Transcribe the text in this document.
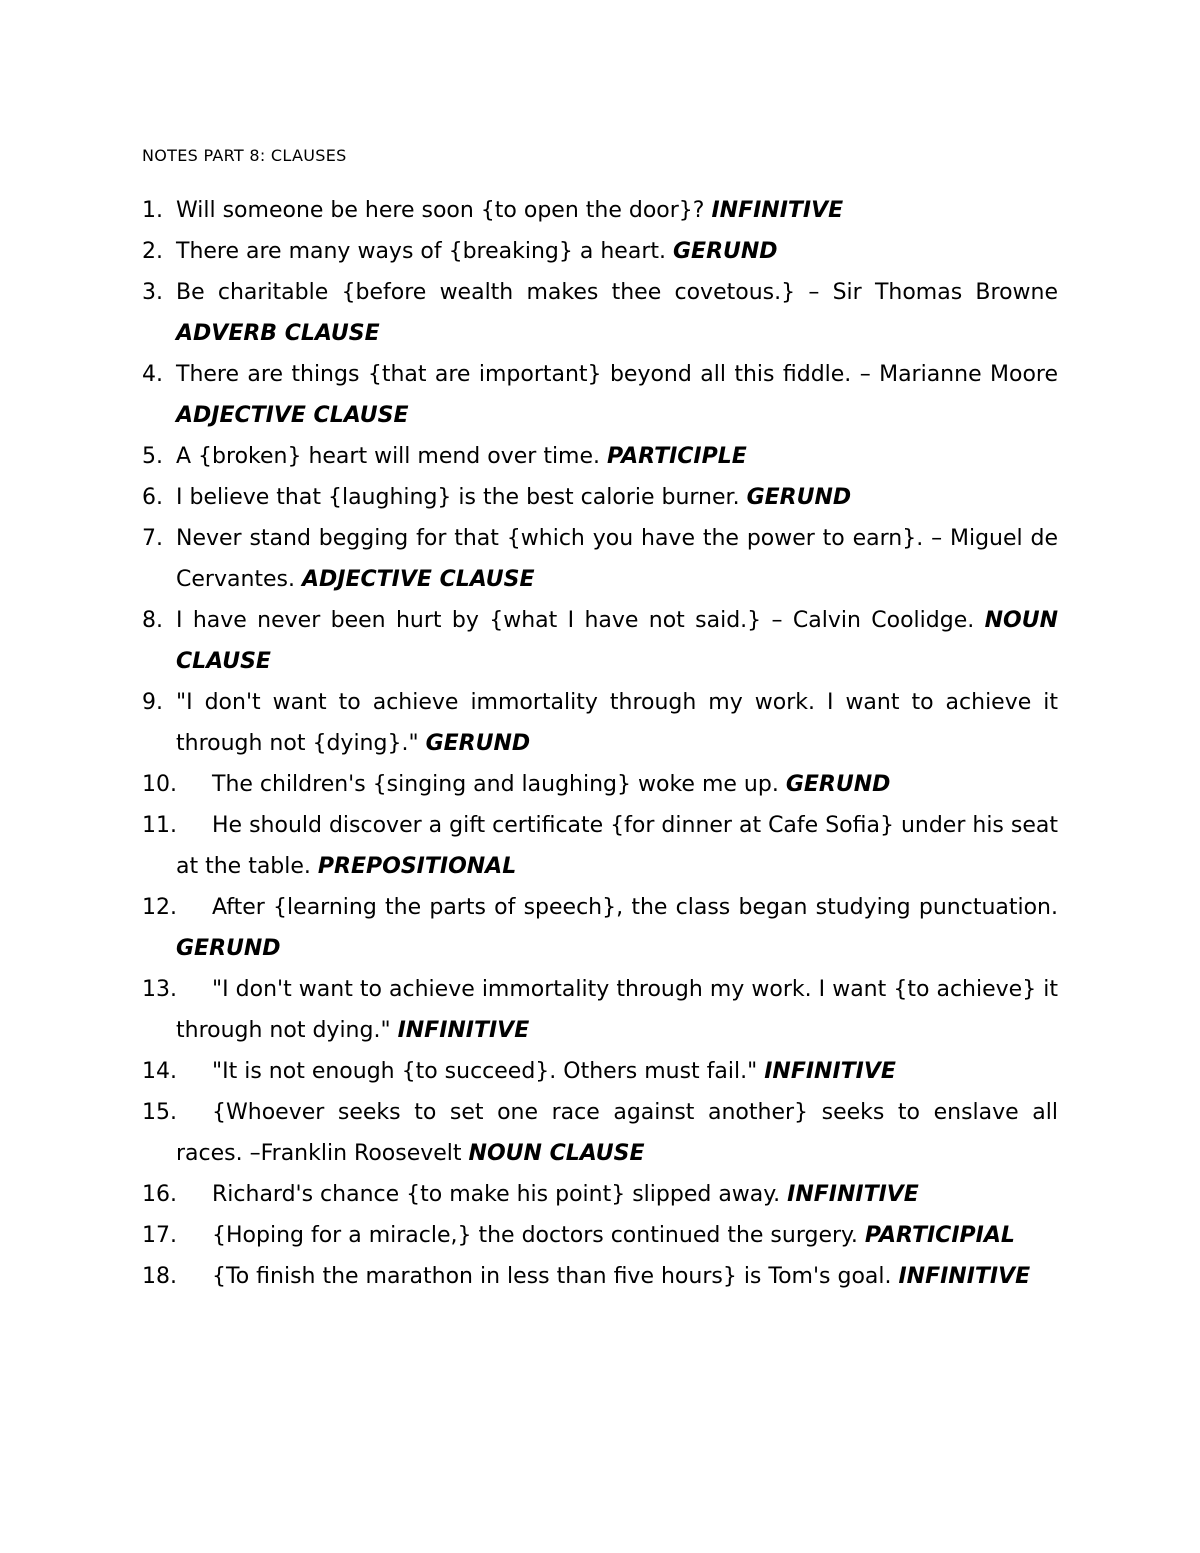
NOTES PART 8: CLAUSES
1. Will someone be here soon {to open the door}? INFINITIVE
2. There are many ways of {breaking} a heart. GERUND
3. Be charitable {before wealth makes thee covetous.} – Sir Thomas Browne ADVERB CLAUSE
4. There are things {that are important} beyond all this fiddle. – Marianne Moore ADJECTIVE CLAUSE
5. A {broken} heart will mend over time. PARTICIPLE
6. I believe that {laughing} is the best calorie burner. GERUND
7. Never stand begging for that {which you have the power to earn}. – Miguel de Cervantes. ADJECTIVE CLAUSE
8. I have never been hurt by {what I have not said.} – Calvin Coolidge. NOUN CLAUSE
9. "I don't want to achieve immortality through my work. I want to achieve it through not {dying}." GERUND
10.	The children's {singing and laughing} woke me up. GERUND
11.	He should discover a gift certificate {for dinner at Cafe Sofia} under his seat at the table. PREPOSITIONAL
12.	After {learning the parts of speech}, the class began studying punctuation. GERUND
13.	"I don't want to achieve immortality through my work. I want {to achieve} it through not dying." INFINITIVE
14.	"It is not enough {to succeed}. Others must fail." INFINITIVE
15.	{Whoever seeks to set one race against another} seeks to enslave all races. –Franklin Roosevelt NOUN CLAUSE
16.	Richard's chance {to make his point} slipped away. INFINITIVE
17.	{Hoping for a miracle,} the doctors continued the surgery. PARTICIPIAL
18.	{To finish the marathon in less than five hours} is Tom's goal. INFINITIVE
